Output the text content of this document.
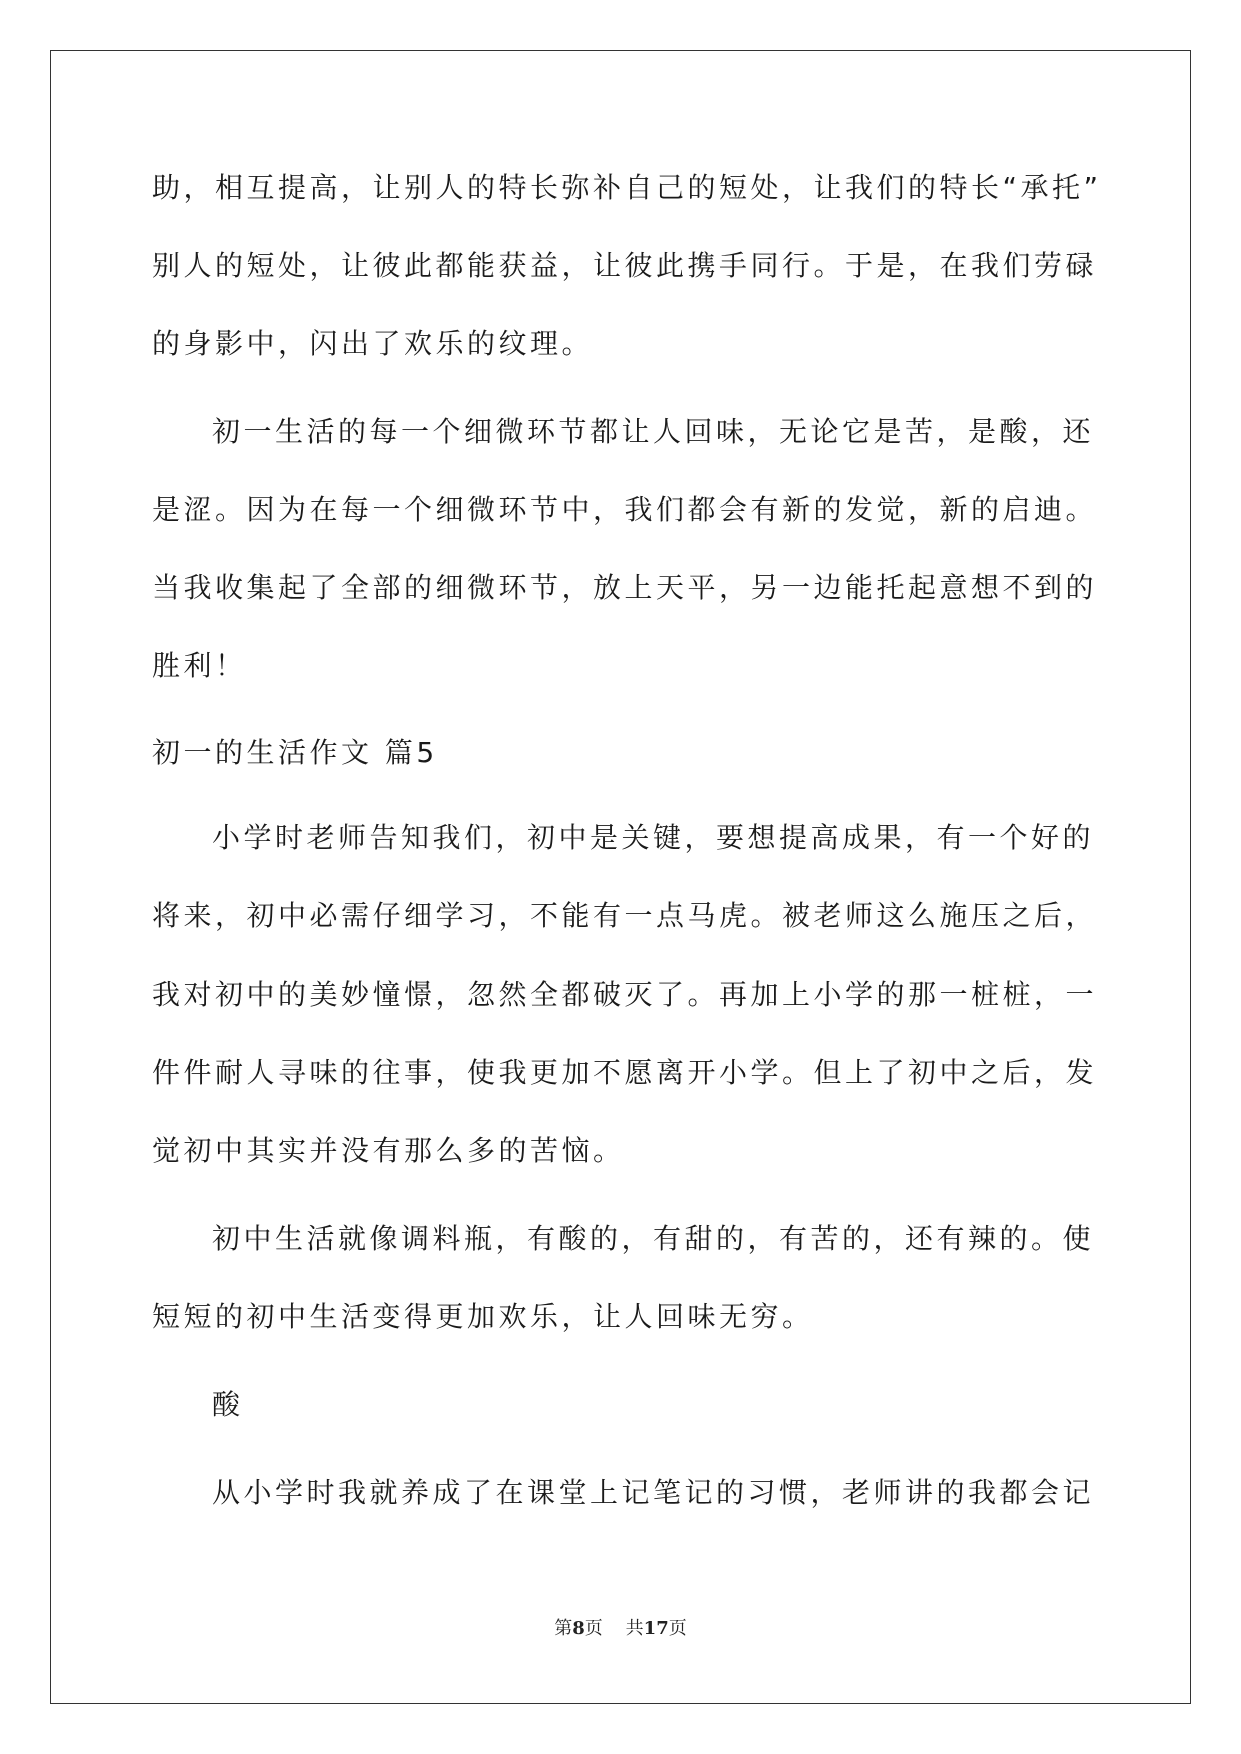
助，相互提高，让别人的特长弥补自己的短处，让我们的特长“承托”
别人的短处，让彼此都能获益，让彼此携手同行。于是，在我们劳碌
的身影中，闪出了欢乐的纹理。
初一生活的每一个细微环节都让人回味，无论它是苦，是酸，还
是涩。因为在每一个细微环节中，我们都会有新的发觉，新的启迪。
当我收集起了全部的细微环节，放上天平，另一边能托起意想不到的
胜利！
初一的生活作文 篇5
小学时老师告知我们，初中是关键，要想提高成果，有一个好的
将来，初中必需仔细学习，不能有一点马虎。被老师这么施压之后，
我对初中的美妙憧憬，忽然全都破灭了。再加上小学的那一桩桩，一
件件耐人寻味的往事，使我更加不愿离开小学。但上了初中之后，发
觉初中其实并没有那么多的苦恼。
初中生活就像调料瓶，有酸的，有甜的，有苦的，还有辣的。使
短短的初中生活变得更加欢乐，让人回味无穷。
酸
从小学时我就养成了在课堂上记笔记的习惯，老师讲的我都会记
第8页 共17页
